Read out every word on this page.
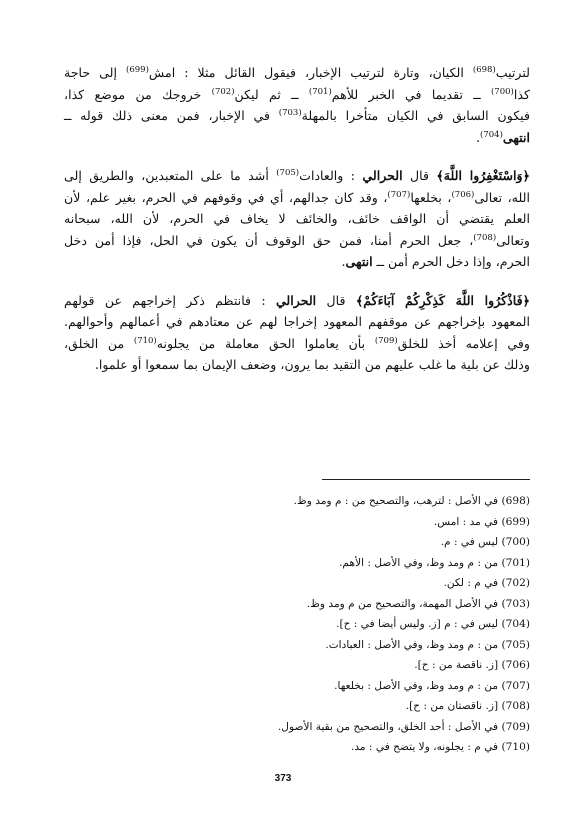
لترتيب$^{(698)}$ الكيان، وتارة لترتيب الإخبار، فيقول القائل مثلا : امش$^{(699)}$ إلى حاجة
كذا$^{(700)}$ ــ تقديما في الخبر للأهم$^{(701)}$ ــ ثم ليكن$^{(702)}$ خروجك من موضع كذا،
فيكون السابق في الكيان متأخرا بالمهلة$^{(703)}$ في الإخبار، فمن معنى ذلك قوله ــ
انتهى$^{(704)}$.
﴿وَاسْتَغْفِرُوا اللَّهَ﴾ قال الحرالي : والعادات$^{(705)}$ أشد ما على المتعبدين، والطريق إلى
الله، تعالى$^{(706)}$، بخلعها$^{(707)}$، وقد كان جدالهم، أي في وقوفهم في الحرم، بغير علم، لأن
العلم يقتضي أن الواقف خائف، والخائف لا يخاف في الحرم، لأن الله، سبحانه
وتعالى$^{(708)}$، جعل الحرم أمنا، فمن حق الوقوف أن يكون في الحل، فإذا أمن دخل
الحرم، وإذا دخل الحرم أمن ــ انتهى.
﴿فَاذْكُرُوا اللَّهَ كَذِكْرِكُمْ آبَاءَكُمْ﴾ قال الحرالي : فانتظم ذكر إخراجهم عن قولهم
المعهود بإخراجهم عن موقفهم المعهود إخراجا لهم عن معتادهم في أعمالهم وأحوالهم.
وفي إعلامه أخذ للخلق$^{(709)}$ بأن يعاملوا الحق معاملة من يجلونه$^{(710)}$ من الخلق،
وذلك عن بلية ما غلب عليهم من التقيد بما يرون، وضعف الإيمان بما سمعوا أو علموا.
(698) في الأصل : لترهب، والتصحيح من : م ومد وظ.
(699) في مد : امس.
(700) ليس في : م.
(701) من : م ومد وظ، وفي الأصل : الأهم.
(702) في م : لكن.
(703) في الأصل المهمة، والتصحيح من م ومد وظ.
(704) ليس في : م [ز. وليس أيضا في : ح].
(705) من : م ومد وظ، وفي الأصل : العبادات.
(706) [ز. ناقصة من : ح].
(707) من : م ومد وظ، وفي الأصل : بخلعها.
(708) [ز. ناقصتان من : ح].
(709) في الأصل : أحد الخلق، والتصحيح من بقية الأصول.
(710) في م : يجلونه، ولا يتضح في : مد.
373
